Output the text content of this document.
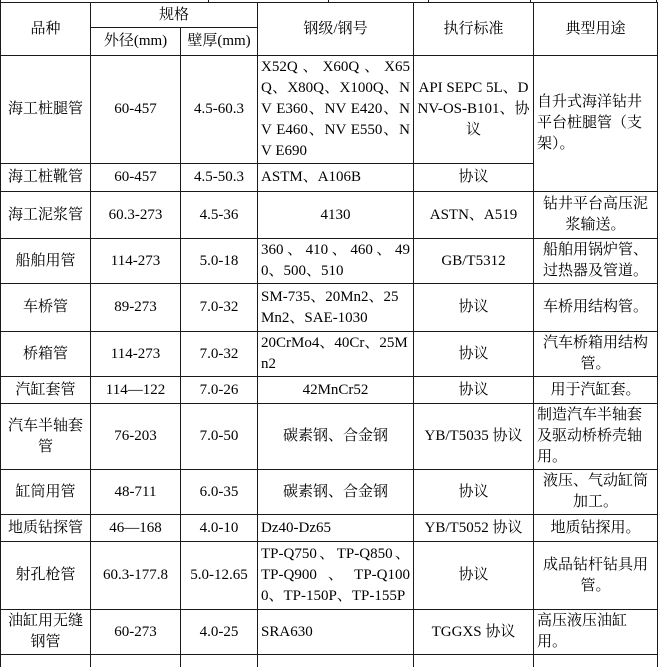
品种	规格		钢级/钢号	执行标准	典型用途
	外径(mm)	壁厚(mm)			
海工桩腿管	60-457	4.5-60.3	X52Q、X60Q、X65Q、X80Q、X100Q、NV E360、NV E420、NV E460、NV E550、NV E690	API SEPC 5L、DNV-OS-B101、协议	自升式海洋钻井平台桩腿管（支架）。
海工桩靴管	60-457	4.5-50.3	ASTM、A106B	协议	
海工泥浆管	60.3-273	4.5-36	4130	ASTN、A519	钻井平台高压泥浆输送。
船舶用管	114-273	5.0-18	360、410、460、490、500、510	GB/T5312	船舶用锅炉管、过热器及管道。
车桥管	89-273	7.0-32	SM-735、20Mn2、25Mn2、SAE-1030	协议	车桥用结构管。
桥箱管	114-273	7.0-32	20CrMo4、40Cr、25Mn2	协议	汽车桥箱用结构管。
汽缸套管	114—122	7.0-26	42MnCr52	协议	用于汽缸套。
汽车半轴套管	76-203	7.0-50	碳素钢、合金钢	YB/T5035 协议	制造汽车半轴套及驱动桥桥壳轴用。
缸筒用管	48-711	6.0-35	碳素钢、合金钢	协议	液压、气动缸筒加工。
地质钻探管	46—168	4.0-10	Dz40-Dz65	YB/T5052 协议	地质钻探用。
射孔枪管	60.3-177.8	5.0-12.65	TP-Q750、TP-Q850、TP-Q900、TP-Q1000、TP-150P、TP-155P	协议	成品钻杆钻具用管。
油缸用无缝钢管	60-273	4.0-25	SRA630	TGGXS 协议	高压液压油缸用。
